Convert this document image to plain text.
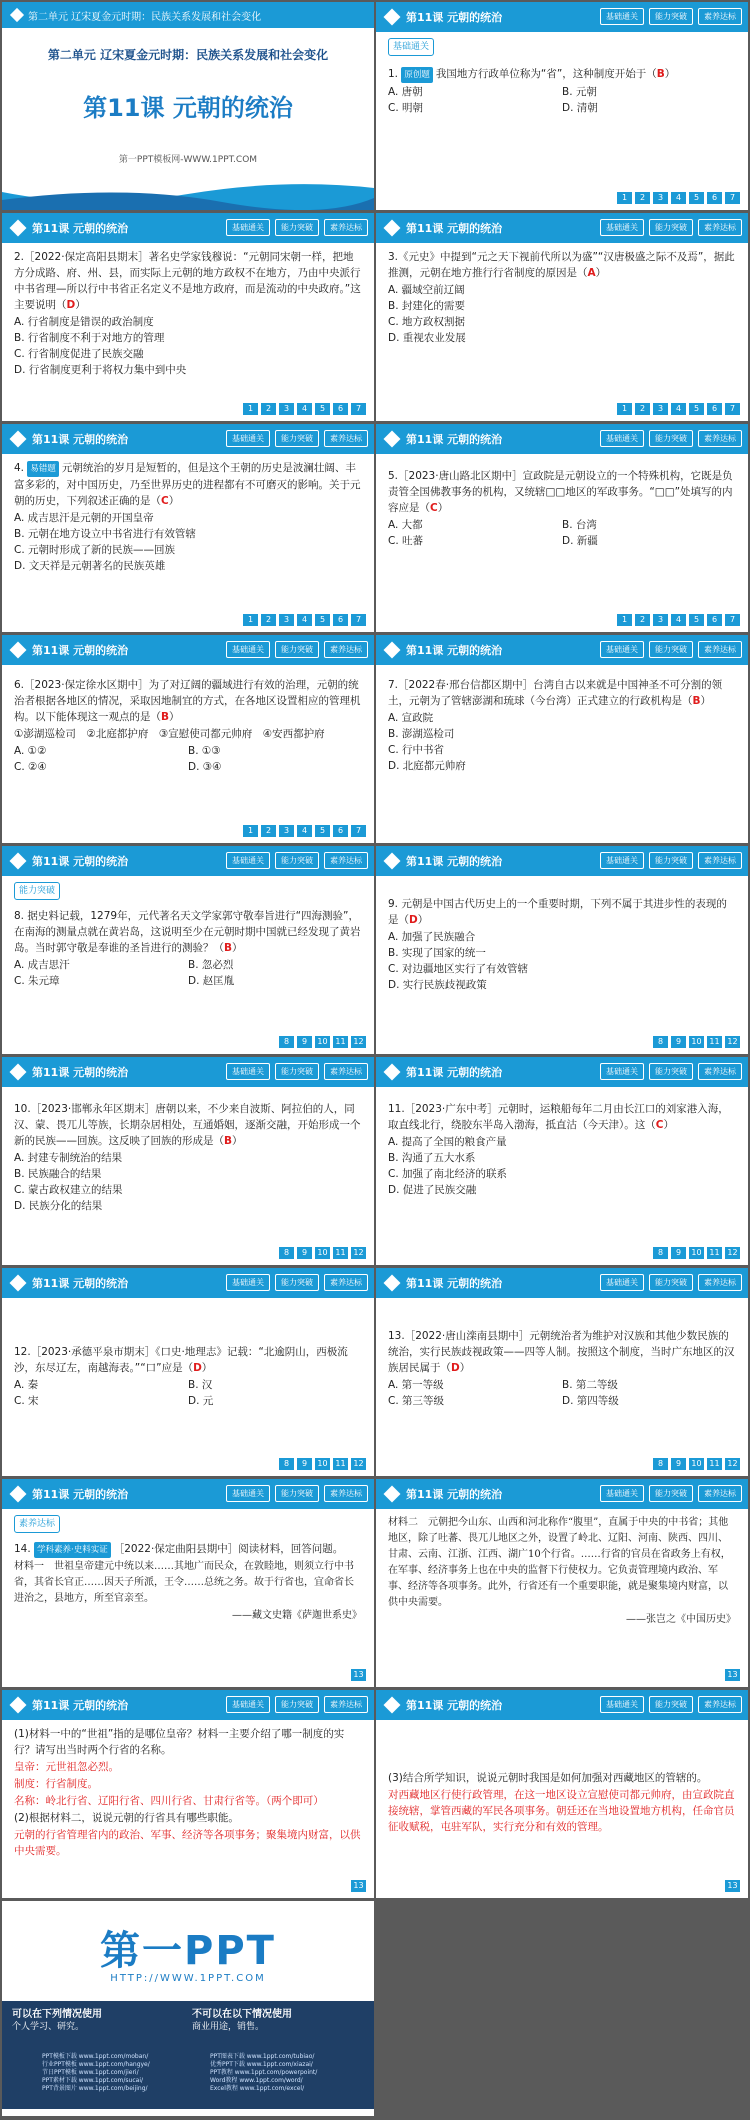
第二单元 辽宋夏金元时期：民族关系发展和社会变化
第二单元 辽宋夏金元时期：民族关系发展和社会变化
第11课 元朝的统治
第一PPT模板网-WWW.1PPT.COM
第11课 元朝的统治	基础通关	能力突破	素养达标
基础通关
1. 原创题 我国地方行政单位称为“省”，这种制度开始于（B）
A. 唐朝	B. 元朝
C. 明朝	D. 清朝
1	2	3	4	5	6	7
第11课 元朝的统治	基础通关	能力突破	素养达标
2.［2022·保定高阳县期末］著名史学家钱穆说：“元朝同宋朝一样，把地方分成路、府、州、县，而实际上元朝的地方政权不在地方，乃由中央派行中书省理—所以行中书省正名定义不是地方政府，而是流动的中央政府。”这主要说明（D）
A. 行省制度是错误的政治制度
B. 行省制度不利于对地方的管理
C. 行省制度促进了民族交融
D. 行省制度更利于将权力集中到中央
1	2	3	4	5	6	7
第11课 元朝的统治	基础通关	能力突破	素养达标
3.《元史》中提到“元之天下视前代所以为盛”“汉唐极盛之际不及焉”，据此推测，元朝在地方推行行省制度的原因是（A）
A. 疆域空前辽阔
B. 封建化的需要
C. 地方政权割据
D. 重视农业发展
1	2	3	4	5	6	7
第11课 元朝的统治	基础通关	能力突破	素养达标
4. 易错题 元朝统治的岁月是短暂的，但是这个王朝的历史是波澜壮阔、丰富多彩的，对中国历史，乃至世界历史的进程都有不可磨灭的影响。关于元朝的历史，下列叙述正确的是（C）
A. 成吉思汗是元朝的开国皇帝
B. 元朝在地方设立中书省进行有效管辖
C. 元朝时形成了新的民族——回族
D. 文天祥是元朝著名的民族英雄
1	2	3	4	5	6	7
第11课 元朝的统治	基础通关	能力突破	素养达标
5.［2023·唐山路北区期中］宣政院是元朝设立的一个特殊机构，它既是负责管全国佛教事务的机构，又统辖□□地区的军政事务。“□□”处填写的内容应是（C）
A. 大都	B. 台湾
C. 吐蕃	D. 新疆
1	2	3	4	5	6	7
第11课 元朝的统治	基础通关	能力突破	素养达标
6.［2023·保定徐水区期中］为了对辽阔的疆域进行有效的治理，元朝的统治者根据各地区的情况，采取因地制宜的方式，在各地区设置相应的管理机构。以下能体现这一观点的是（B）
①澎湖巡检司　②北庭都护府　③宣慰使司都元帅府　④安西都护府
A. ①②	B. ①③
C. ②④	D. ③④
1	2	3	4	5	6	7
第11课 元朝的统治	基础通关	能力突破	素养达标
7.［2022春·邢台信都区期中］台湾自古以来就是中国神圣不可分割的领土，元朝为了管辖澎湖和琉球（今台湾）正式建立的行政机构是（B）
A. 宣政院
B. 澎湖巡检司
C. 行中书省
D. 北庭都元帅府
第11课 元朝的统治	基础通关	能力突破	素养达标
能力突破
8. 据史料记载，1279年，元代著名天文学家郭守敬奉旨进行“四海测验”，在南海的测量点就在黄岩岛，这说明至少在元朝时期中国就已经发现了黄岩岛。当时郭守敬是奉谁的圣旨进行的测验？（B）
A. 成吉思汗	B. 忽必烈
C. 朱元璋	D. 赵匡胤
8	9	10 11 12
第11课 元朝的统治	基础通关	能力突破	素养达标
9. 元朝是中国古代历史上的一个重要时期，下列不属于其进步性的表现的是（D）
A. 加强了民族融合
B. 实现了国家的统一
C. 对边疆地区实行了有效管辖
D. 实行民族歧视政策
8	9	10 11 12
第11课 元朝的统治	基础通关	能力突破	素养达标
10.［2023·邯郸永年区期末］唐朝以来，不少来自波斯、阿拉伯的人，同汉、蒙、畏兀儿等族，长期杂居相处，互通婚姻，逐渐交融，开始形成一个新的民族——回族。这反映了回族的形成是（B）
A. 封建专制统治的结果
B. 民族融合的结果
C. 蒙古政权建立的结果
D. 民族分化的结果
8	9	10 11 12
第11课 元朝的统治	基础通关	能力突破	素养达标
11.［2023·广东中考］元朝时，运粮船每年二月由长江口的刘家港入海，取直线北行，绕胶东半岛入渤海，抵直沽（今天津）。这（C）
A. 提高了全国的粮食产量
B. 沟通了五大水系
C. 加强了南北经济的联系
D. 促进了民族交融
8	9	10 11 12
第11课 元朝的统治	基础通关	能力突破	素养达标
12.［2023·承德平泉市期末］《口史·地理志》记载：“北逾阴山，西极流沙，东尽辽左，南越海表。”“口”应是（D）
A. 秦	B. 汉
C. 宋	D. 元
8	9	10 11 12
第11课 元朝的统治	基础通关	能力突破	素养达标
13.［2022·唐山滦南县期中］元朝统治者为维护对汉族和其他少数民族的统治，实行民族歧视政策——四等人制。按照这个制度，当时广东地区的汉族居民属于（D）
A. 第一等级	B. 第二等级
C. 第三等级	D. 第四等级
8	9	10 11 12
第11课 元朝的统治	基础通关	能力突破	素养达标
素养达标
14. 学科素养·史料实证 ［2022·保定曲阳县期中］阅读材料，回答问题。
材料一　世祖皇帝建元中统以来……其地广而民众，在敦睦地，则须立行中书省，其省长官正……因天子所派，王令……总统之务。故于行省也，宜命省长进治之，县地方，所至官亲至。
——藏文史籍《萨迦世系史》
13
第11课 元朝的统治	基础通关	能力突破	素养达标
材料二　元朝把今山东、山西和河北称作“腹里”，直属于中央的中书省；其他地区，除了吐蕃、畏兀儿地区之外，设置了岭北、辽阳、河南、陕西、四川、甘肃、云南、江浙、江西、湖广10个行省。……行省的官员在省政务上有权，在军事、经济事务上也在中央的监督下行使权力。它负责管理境内政治、军事、经济等各项事务。此外，行省还有一个重要职能，就是聚集境内财富，以供中央需要。
——张岂之《中国历史》
13
第11课 元朝的统治	基础通关	能力突破	素养达标
(1)材料一中的“世祖”指的是哪位皇帝？材料一主要介绍了哪一制度的实行？请写出当时两个行省的名称。
皇帝：元世祖忽必烈。
制度：行省制度。
名称：岭北行省、辽阳行省、四川行省、甘肃行省等。（两个即可）
(2)根据材料二，说说元朝的行省具有哪些职能。
元朝的行省管理省内的政治、军事、经济等各项事务；聚集境内财富，以供中央需要。
13
第11课 元朝的统治	基础通关	能力突破	素养达标
(3)结合所学知识，说说元朝时我国是如何加强对西藏地区的管辖的。
对西藏地区行使行政管理，在这一地区设立宣慰使司都元帅府，由宣政院直接统辖，掌管西藏的军民各项事务。朝廷还在当地设置地方机构，任命官员征收赋税，屯驻军队，实行充分和有效的管理。
13
第一PPT
HTTP://WWW.1PPT.COM
可以在下列情况使用
个人学习、研究。
不可以在以下情况使用
商业用途，销售。
PPT模板下载 www.1ppt.com/moban/
行业PPT模板 www.1ppt.com/hangye/
节日PPT模板 www.1ppt.com/jieri/
PPT素材下载 www.1ppt.com/sucai/
PPT背景图片 www.1ppt.com/beijing/
PPT图表下载 www.1ppt.com/tubiao/
优秀PPT下载 www.1ppt.com/xiazai/
PPT教程 www.1ppt.com/powerpoint/
Word教程 www.1ppt.com/word/
Excel教程 www.1ppt.com/excel/
